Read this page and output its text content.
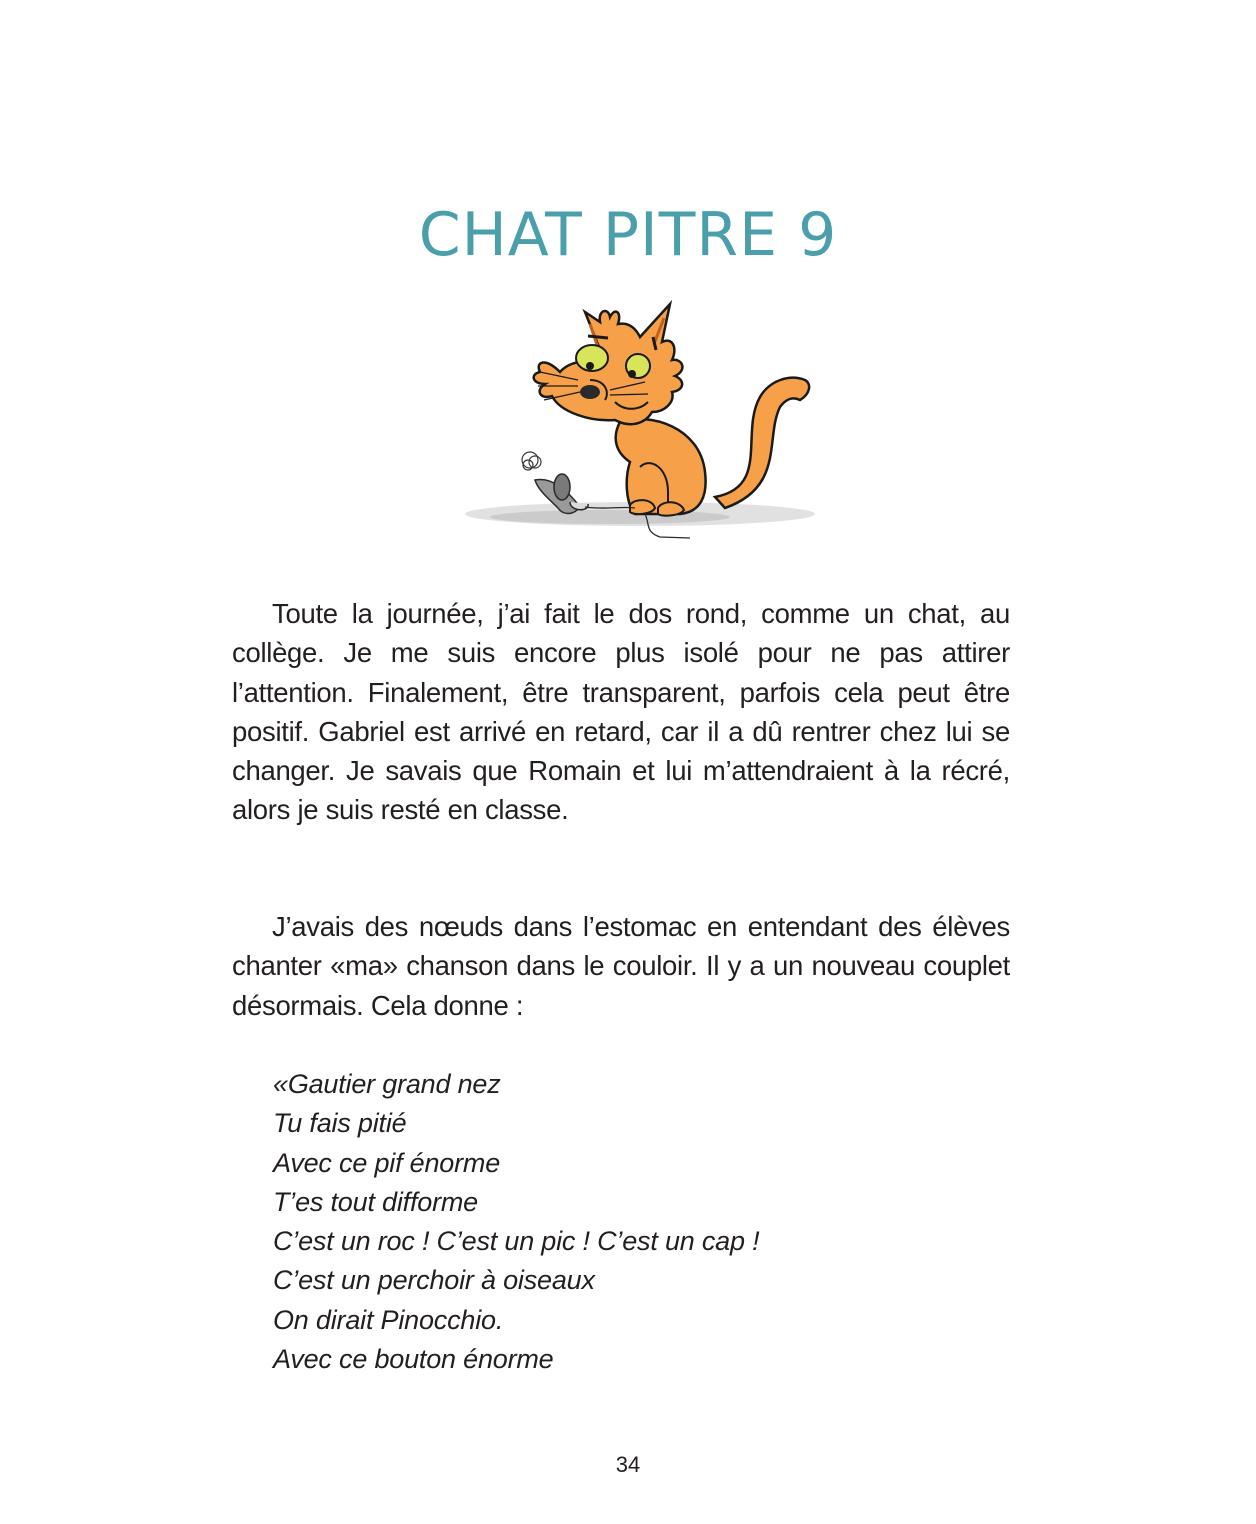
CHAT PITRE 9

Toute la journée, j’ai fait le dos rond, comme un chat, au collège. Je me suis encore plus isolé pour ne pas attirer l’attention. Finalement, être transparent, parfois cela peut être positif. Gabriel est arrivé en retard, car il a dû rentrer chez lui se changer. Je savais que Romain et lui m’attendraient à la récré, alors je suis resté en classe.

J’avais des nœuds dans l’estomac en entendant des élèves chanter «ma» chanson dans le couloir. Il y a un nouveau couplet désormais. Cela donne :

«Gautier grand nez
Tu fais pitié
Avec ce pif énorme
T’es tout difforme
C’est un roc ! C’est un pic ! C’est un cap !
C’est un perchoir à oiseaux
On dirait Pinocchio.
Avec ce bouton énorme
34
